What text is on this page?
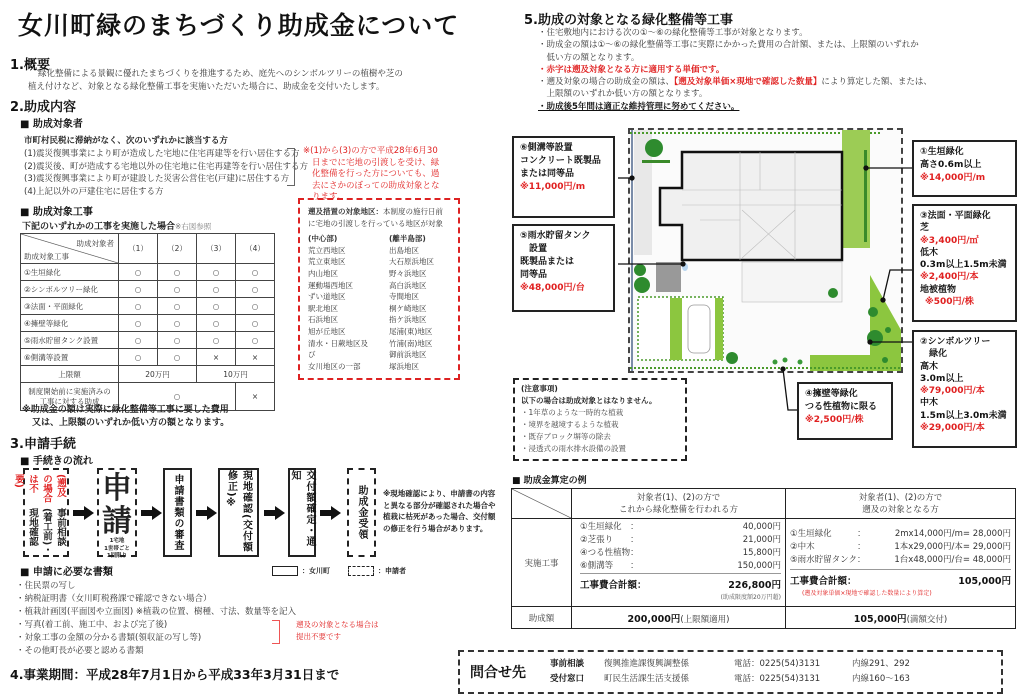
女川町緑のまちづくり助成金について
1.概要
緑化整備による景観に優れたまちづくりを推進するため、庭先へのシンボルツリーの植樹や芝の
植え付けなど、対象となる緑化整備工事を実施いただいた場合に、助成金を交付いたします。
2.助成内容
■ 助成対象者
市町村民税に滞納がなく、次のいずれかに該当する方
(1)震災復興事業により町が造成した宅地に住宅再建等を行い居住する方
(2)震災後、町が造成する宅地以外の住宅地に住宅再建等を行い居住する方
(3)震災復興事業により町が建設した災害公営住宅(戸建)に居住する方
(4)上記以外の戸建住宅に居住する方
※(1)から(3)の方で平成28年6月30
日までに宅地の引渡しを受け、緑
化整備を行った方についても、過
去にさかのぼっての助成対象とな
ります。
■ 助成対象工事
下記のいずれかの工事を実施した場合※右図参照
助成対象者
助成対象工事	（1）	（2）	（3）	（4）
①生垣緑化	○	○	○	○
②シンボルツリー緑化	○	○	○	○
③法面・平面緑化	○	○	○	○
④擁壁等緑化	○	○	○	○
⑤雨水貯留タンク設置	○	○	○	○
⑥側溝等設置	○	○	×	×
上限額	20万円		10万円	
制度開始前に実施済みの工事に対する助成	○			×
遡及措置の対象地区：本制度の施行日前に宅地の引渡しを行っている地区が対象
(中心部)
荒立西地区
荒立東地区
内山地区
運動場西地区
ずい道地区
駅北地区
石浜地区
旭が丘地区
清水・日蕨地区及び
女川地区の一部
(離半島部)
出島地区
大石原浜地区
野々浜地区
高白浜地区
寺間地区
桐ケ崎地区
指ケ浜地区
尾浦(東)地区
竹浦(南)地区
御前浜地区
塚浜地区
※助成金の額は実際に緑化整備等工事に要した費用
又は、上限額のいずれか低い方の額となります。
3.申請手続
■ 手続きの流れ
事前相談(着工前)・現地確認
(遡及の場合は不要)	申請
1宅地
1世帯ごと
1回限り
申請書類の審査	現地確認(交付額修正)※	交付額確定・通知
助成金受領	※現地確認により、申請書の内容と異なる部分が確認された場合や植栽に枯死があった場合、交付額の修正を行う場合があります。
■ 申請に必要な書類	：女川町	：申請者
・住民票の写し
・納税証明書（女川町税務課で確認できない場合）
・植栽計画図(平面図や立面図) ※植栽の位置、樹種、寸法、数量等を記入
・写真(着工前、施工中、および完了後)
・対象工事の金額の分かる書類(領収証の写し等)
・その他町長が必要と認める書類
遡及の対象となる場合は
提出不要です
4.事業期間：平成28年7月1日から平成33年3月31日まで
5.助成の対象となる緑化整備等工事
・住宅敷地内における次の①～⑥の緑化整備等工事が対象となります。
・助成金の額は①～⑥の緑化整備等工事に実際にかかった費用の合計額、または、上限額のいずれか
　低い方の額となります。
・赤字は遡及対象となる方に適用する単価です。
・遡及対象の場合の助成金の額は、【遡及対象単価×現地で確認した数量】により算定した額、または、
　上限額のいずれか低い方の額となります。
・助成後5年間は適正な維持管理に努めてください。
⑥側溝等設置
コンクリート既製品
または同等品
※11,000円/m
⑤雨水貯留タンク
　設置
既製品または
同等品
※48,000円/台
①生垣緑化
高さ0.6m以上
※14,000円/m
③法面・平面緑化
芝
※3,400円/㎡
低木
0.3m以上1.5m未満
※2,400円/本
地被植物
※500円/株
②シンボルツリー
　緑化
高木
3.0m以上
※79,000円/本
中木
1.5m以上3.0m未満
※29,000円/本
④擁壁等緑化
つる性植物に限る
※2,500円/株
(注意事項)
以下の場合は助成対象とはなりません。
・1年草のような一時的な植栽
・境界を越境するような植栽
・既存ブロック塀等の除去
・浸透式の雨水排水設備の設置
■ 助成金算定の例

対象者(1)、(2)の方で
これから緑化整備を行われる方

対象者(1)、(2)の方で
遡及の対象となる方

実施工事	
①生垣緑化　：	40,000円
②芝張り　　：	21,000円
④つる性植物：	15,800円
⑥側溝等　　：	150,000円
工事費合計額：	226,800円
(助成限度額20万円超)

①生垣緑化　　　：	2mx14,000円/m= 28,000円
②中木　　　　　：	1本x29,000円/本= 29,000円
⑤雨水貯留タンク：	1台x48,000円/台= 48,000円
工事費合計額：	105,000円
(遡及対象単価×現地で確認した数量により算定)

助成額	200,000円(上限額適用)	105,000円(満額交付)
問合せ先
事前相談 復興推進課復興調整係	電話：0225(54)3131	内線291、292
受付窓口 町民生活課生活支援係	電話：0225(54)3131	内線160～163
